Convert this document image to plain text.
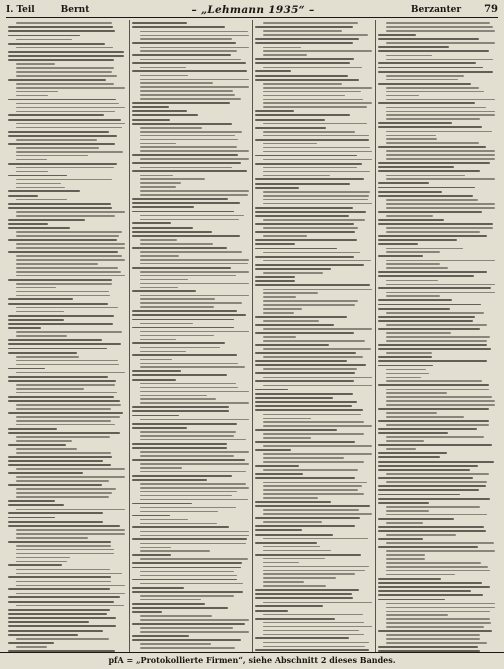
I. Teil	Bernt	– „Lehmann 1935“ –	Berzanter	79
pfA = „Protokollierte Firmen“, siehe Abschnitt 2 dieses Bandes.
